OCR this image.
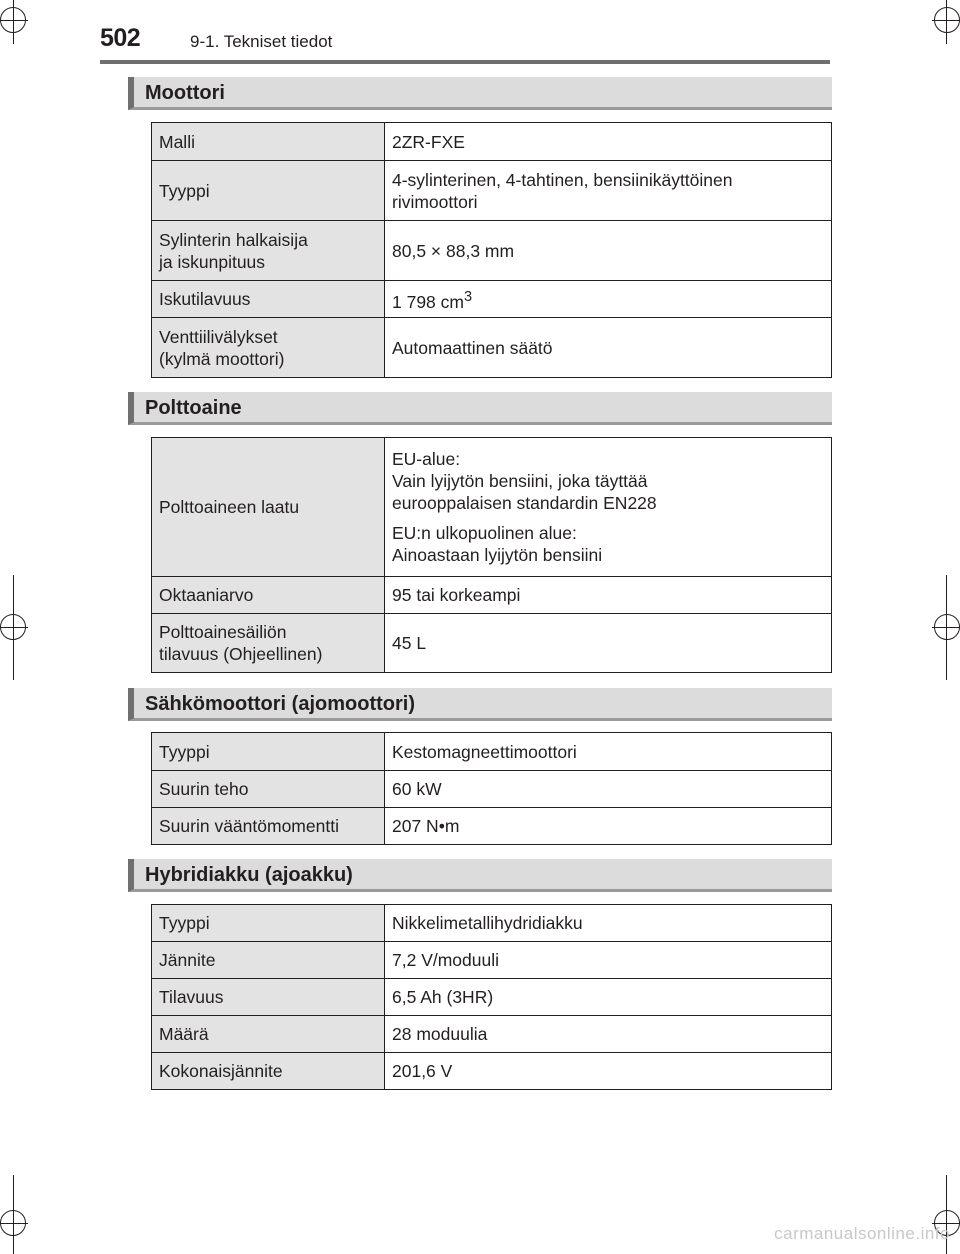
502	9-1. Tekniset tiedot
Moottori
Malli	2ZR-FXE
Tyyppi	4-sylinterinen, 4-tahtinen, bensiinikäyttöinen
rivimoottori
Sylinterin halkaisija
ja iskunpituus	80,5 × 88,3 mm
Iskutilavuus	1 798 $cm^3$
Venttiilivälykset
(kylmä moottori)	Automaattinen säätö
Polttoaine
Polttoaineen laatu	EU-alue:
Vain lyijytön bensiini, joka täyttää
eurooppalaisen standardin EN228

EU:n ulkopuolinen alue:
Ainoastaan lyijytön bensiini

Oktaaniarvo	95 tai korkeampi
Polttoainesäiliön
tilavuus (Ohjeellinen)	45 L
Sähkömoottori (ajomoottori)
Tyyppi	Kestomagneettimoottori
Suurin teho	60 kW
Suurin vääntömomentti	207 N•m
Hybridiakku (ajoakku)
Tyyppi	Nikkelimetallihydridiakku
Jännite	7,2 V/moduuli
Tilavuus	6,5 Ah (3HR)
Määrä	28 moduulia
Kokonaisjännite	201,6 V
carmanualsonline.info
